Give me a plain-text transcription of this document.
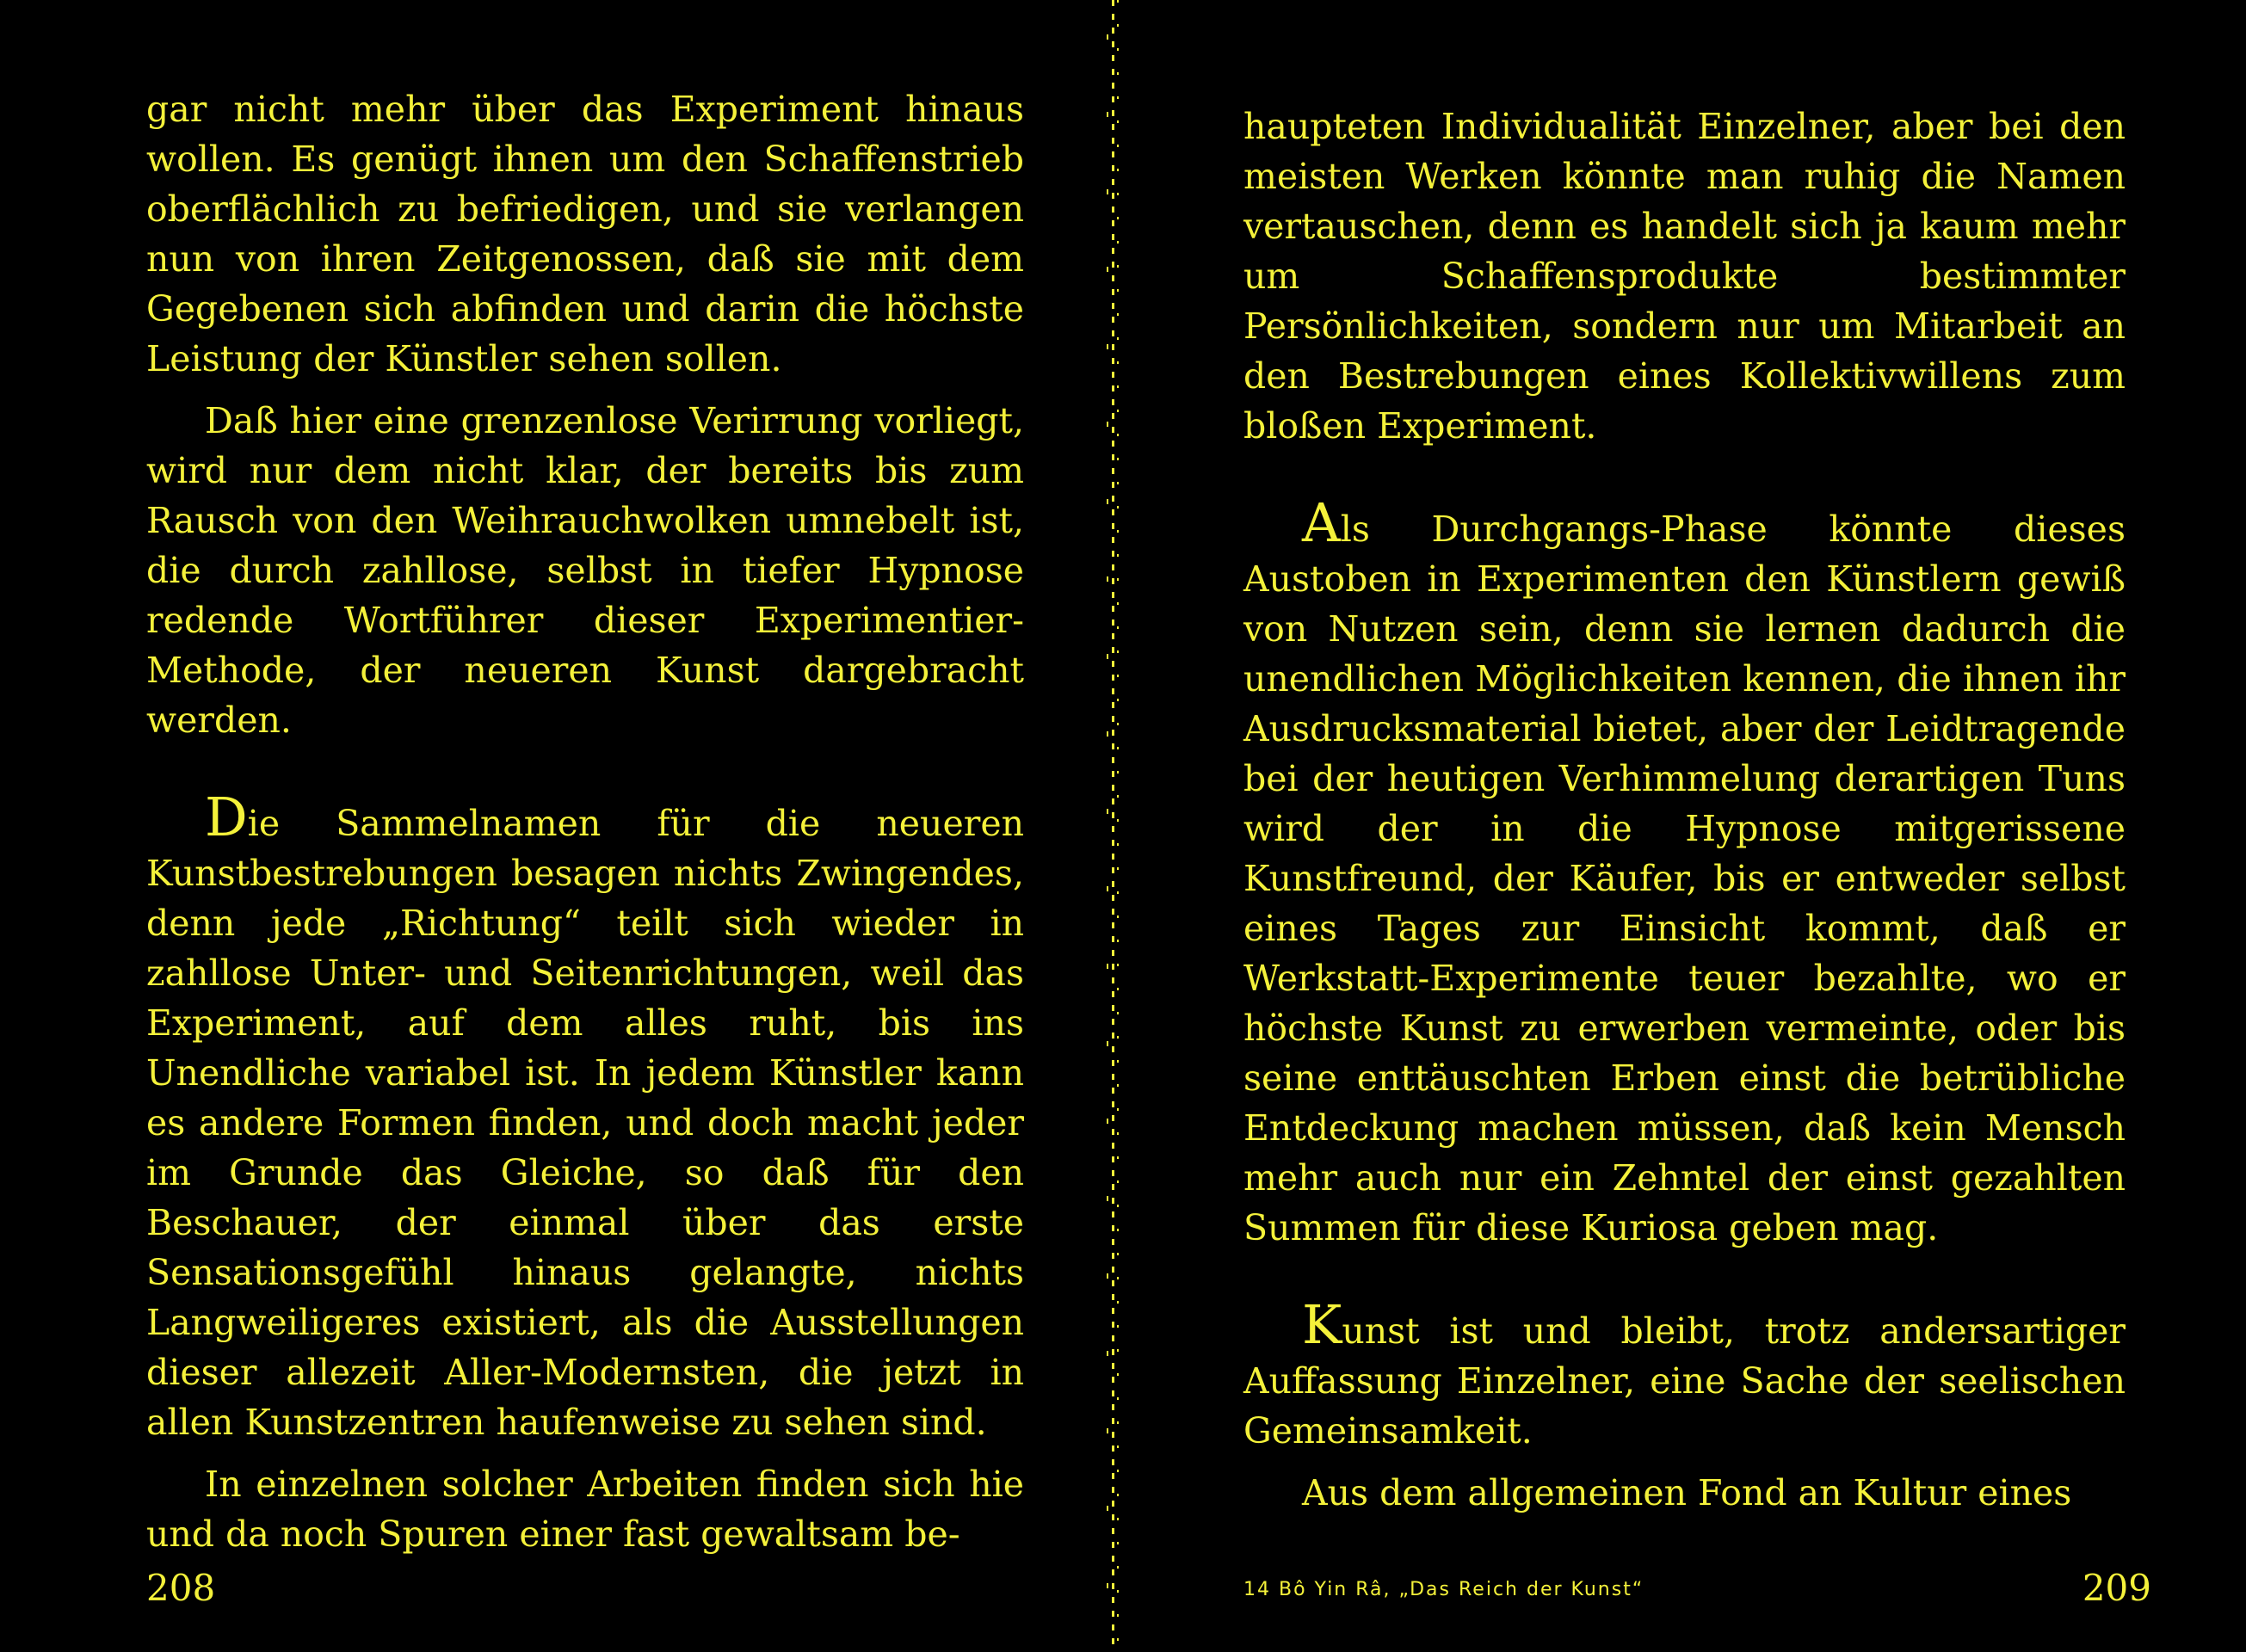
gar nicht mehr über das Experiment hinaus wollen. Es genügt ihnen um den Schaffenstrieb oberflächlich zu befriedigen, und sie verlangen nun von ihren Zeitgenossen, daß sie mit dem Gegebenen sich abfinden und darin die höchste Leistung der Künstler sehen sollen.

Daß hier eine grenzenlose Verirrung vorliegt, wird nur dem nicht klar, der bereits bis zum Rausch von den Weihrauchwolken umnebelt ist, die durch zahllose, selbst in tiefer Hypnose redende Wortführer dieser Experimentier-Methode, der neueren Kunst dargebracht werden.

Die Sammelnamen für die neueren Kunstbestrebungen besagen nichts Zwingendes, denn jede „Richtung“ teilt sich wieder in zahllose Unter- und Seitenrichtungen, weil das Experiment, auf dem alles ruht, bis ins Unendliche variabel ist. In jedem Künstler kann es andere Formen finden, und doch macht jeder im Grunde das Gleiche, so daß für den Beschauer, der einmal über das erste Sensationsgefühl hinaus gelangte, nichts Langweiligeres existiert, als die Ausstellungen dieser allezeit Aller-Modernsten, die jetzt in allen Kunstzentren haufenweise zu sehen sind.

In einzelnen solcher Arbeiten finden sich hie und da noch Spuren einer fast gewaltsam be-

208

haupteten Individualität Einzelner, aber bei den meisten Werken könnte man ruhig die Namen vertauschen, denn es handelt sich ja kaum mehr um Schaffensprodukte bestimmter Persönlichkeiten, sondern nur um Mitarbeit an den Bestrebungen eines Kollektivwillens zum bloßen Experiment.

Als Durchgangs-Phase könnte dieses Austoben in Experimenten den Künstlern gewiß von Nutzen sein, denn sie lernen dadurch die unendlichen Möglichkeiten kennen, die ihnen ihr Ausdrucksmaterial bietet, aber der Leidtragende bei der heutigen Verhimmelung derartigen Tuns wird der in die Hypnose mitgerissene Kunstfreund, der Käufer, bis er entweder selbst eines Tages zur Einsicht kommt, daß er Werkstatt-Experimente teuer bezahlte, wo er höchste Kunst zu erwerben vermeinte, oder bis seine enttäuschten Erben einst die betrübliche Entdeckung machen müssen, daß kein Mensch mehr auch nur ein Zehntel der einst gezahlten Summen für diese Kuriosa geben mag.

Kunst ist und bleibt, trotz andersartiger Auffassung Einzelner, eine Sache der seelischen Gemeinsamkeit.

Aus dem allgemeinen Fond an Kultur eines

14 Bô Yin Râ, „Das Reich der Kunst“	209
